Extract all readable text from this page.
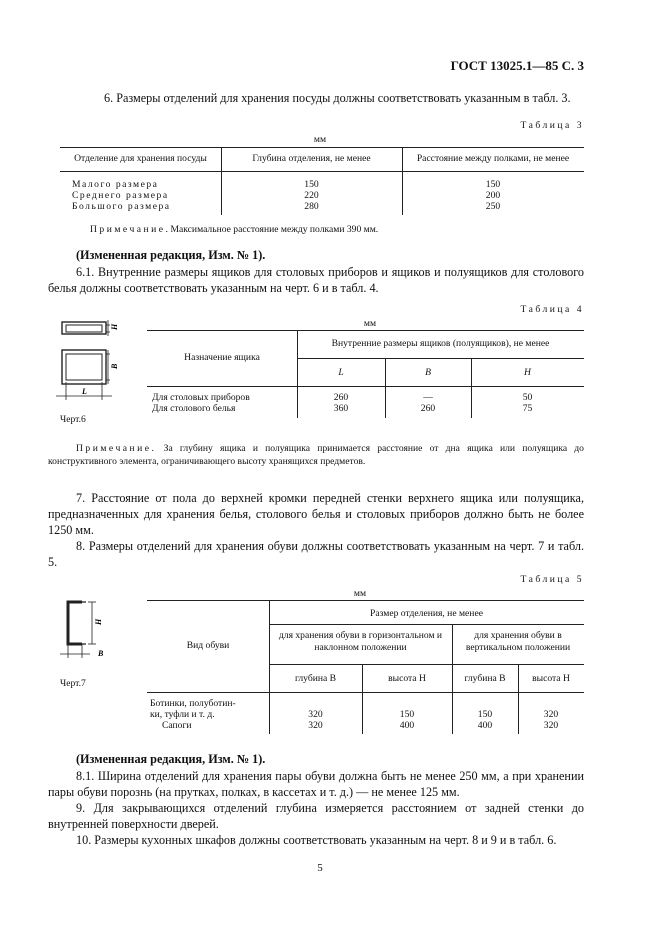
ГОСТ 13025.1—85 С. 3
6. Размеры отделений для хранения посуды должны соответствовать указанным в табл. 3.
Таблица 3
мм
Отделение для хранения посуды	Глубина отделения, не менее	Расстояние между полками, не менее
Малого размера	150	150
Среднего размера	220	200
Большого размера	280	250
Примечание.Максимальное расстояние между полками 390 мм.
(Измененная редакция, Изм. № 1).
6.1. Внутренние размеры ящиков для столовых приборов и ящиков и полуящиков для столового белья должны соответствовать указанным на черт. 6 и в табл. 4.
Таблица 4
мм
H
B
L
Черт.6
Назначение ящика
Внутренние размеры ящиков (полуящиков), не менее
L	B	H
Для столовых приборов	260	—	50
Для столового белья	360	260	75
Примечание. За глубину ящика и полуящика принимается расстояние от дна ящика или полуящика до конструктивного элемента, ограничивающего высоту хранящихся предметов.
7. Расстояние от пола до верхней кромки передней стенки верхнего ящика или полуящика, предназначенных для хранения белья, столового белья и столовых приборов должно быть не более 1250 мм.
8. Размеры отделений для хранения обуви должны соответствовать указанным на черт. 7 и табл. 5.
Таблица 5
мм
H
B
Черт.7
Вид обуви
Размер отделения, не менее
для хранения обуви в горизонтальном и наклонном положении
для хранения обуви в вертикальном положении
глубина B	высота H	глубина B	высота H
Ботинки, полуботин-
ки, туфли и т. д.	320	150	150	320
Сапоги	320	400	400	320
(Измененная редакция, Изм. № 1).
8.1. Ширина отделений для хранения пары обуви должна быть не менее 250 мм, а при хранении пары обуви порознь (на прутках, полках, в кассетах и т. д.) — не менее 125 мм.
9. Для закрывающихся отделений глубина измеряется расстоянием от задней стенки до внутренней поверхности дверей.
10. Размеры кухонных шкафов должны соответствовать указанным на черт. 8 и 9 и в табл. 6.
5
